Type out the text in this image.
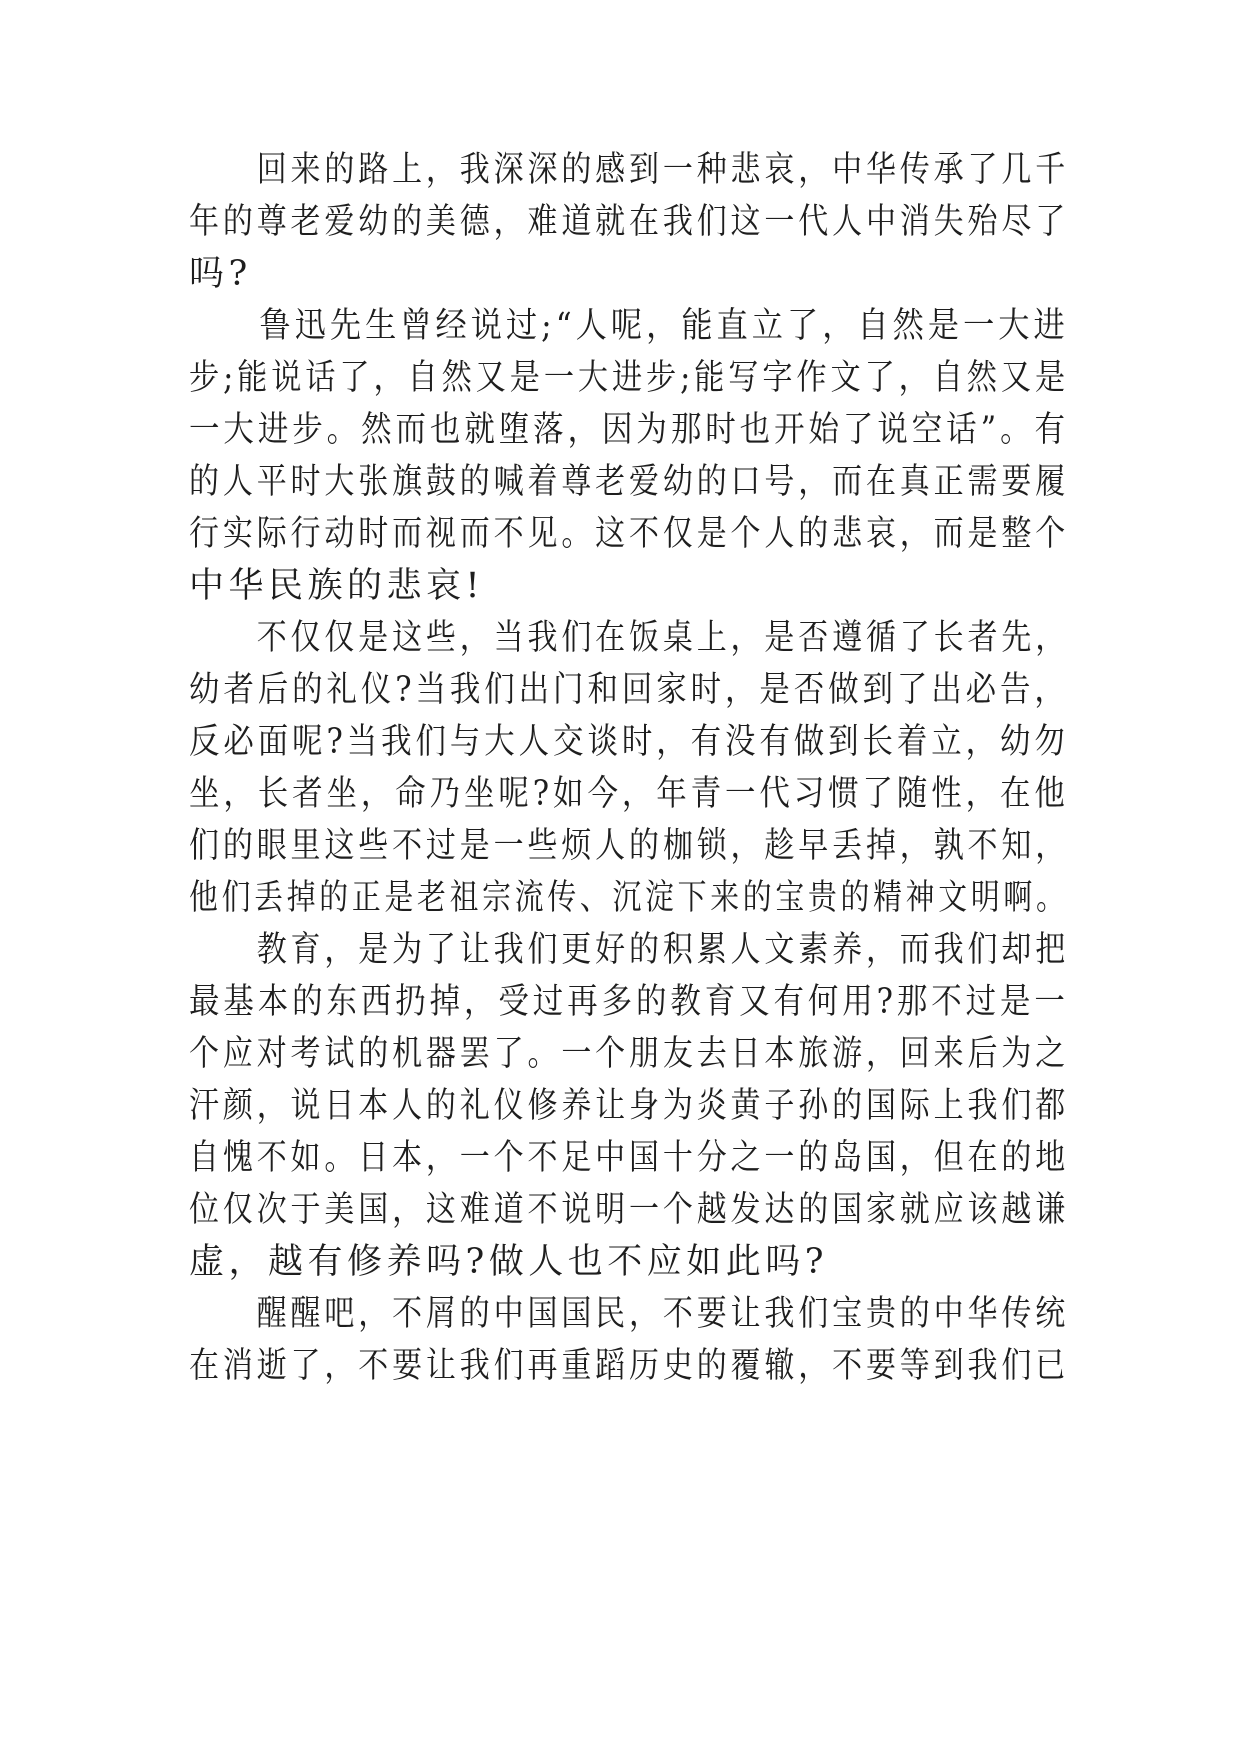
　　回来的路上，我深深的感到一种悲哀，中华传承了几千
年的尊老爱幼的美德，难道就在我们这一代人中消失殆尽了
吗?
　　鲁迅先生曾经说过;“人呢，能直立了，自然是一大进
步;能说话了，自然又是一大进步;能写字作文了，自然又是
一大进步。然而也就堕落，因为那时也开始了说空话”。有
的人平时大张旗鼓的喊着尊老爱幼的口号，而在真正需要履
行实际行动时而视而不见。这不仅是个人的悲哀，而是整个
中华民族的悲哀!
　　不仅仅是这些，当我们在饭桌上，是否遵循了长者先，
幼者后的礼仪?当我们出门和回家时，是否做到了出必告，
反必面呢?当我们与大人交谈时，有没有做到长着立，幼勿
坐，长者坐，命乃坐呢?如今，年青一代习惯了随性，在他
们的眼里这些不过是一些烦人的枷锁，趁早丢掉，孰不知，
他们丢掉的正是老祖宗流传、沉淀下来的宝贵的精神文明啊。
　　教育，是为了让我们更好的积累人文素养，而我们却把
最基本的东西扔掉，受过再多的教育又有何用?那不过是一
个应对考试的机器罢了。一个朋友去日本旅游，回来后为之
汗颜，说日本人的礼仪修养让身为炎黄子孙的国际上我们都
自愧不如。日本，一个不足中国十分之一的岛国，但在的地
位仅次于美国，这难道不说明一个越发达的国家就应该越谦
虚，越有修养吗?做人也不应如此吗?
　　醒醒吧，不屑的中国国民，不要让我们宝贵的中华传统
在消逝了，不要让我们再重蹈历史的覆辙，不要等到我们已
